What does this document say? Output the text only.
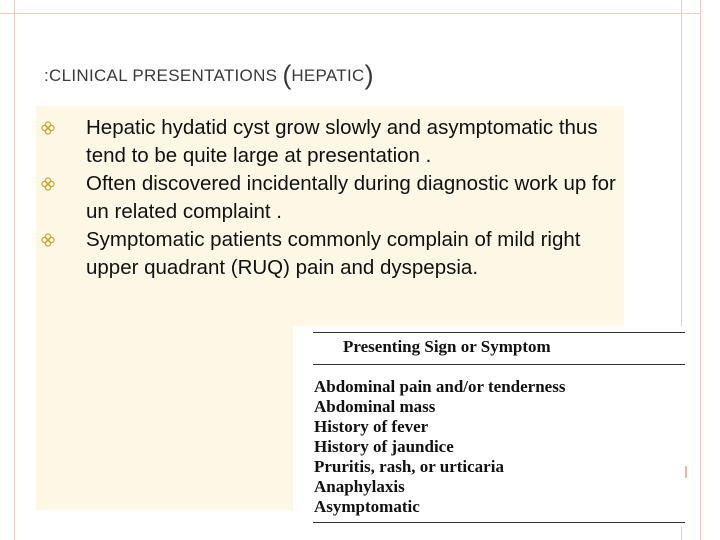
:CLINICAL PRESENTATIONS (HEPATIC)
Hepatic hydatid cyst grow slowly and asymptomatic thus tend to be quite large at presentation .
Often discovered incidentally during diagnostic work up for un related complaint .
Symptomatic patients commonly complain of mild right upper quadrant (RUQ) pain and dyspepsia.
Presenting Sign or Symptom
Abdominal pain and/or tenderness
Abdominal mass
History of fever
History of jaundice
Pruritis, rash, or urticaria
Anaphylaxis
Asymptomatic
